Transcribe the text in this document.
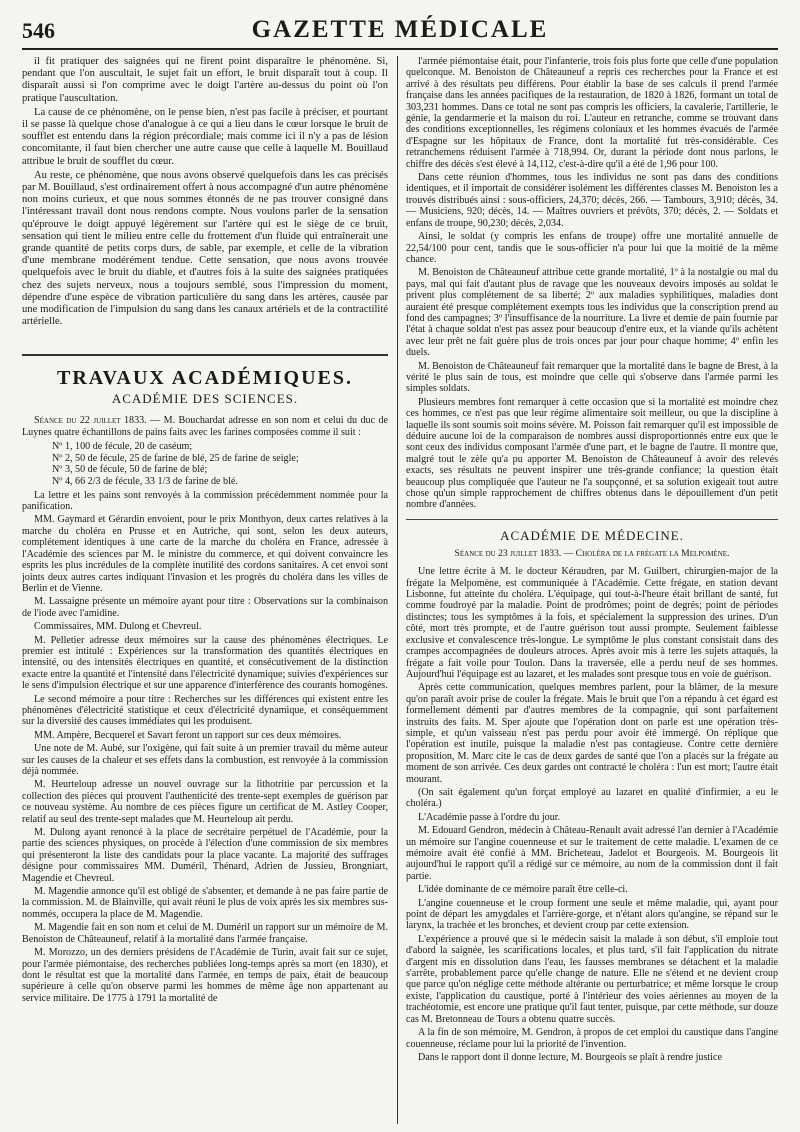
546	GAZETTE MÉDICALE

il fit pratiquer des saignées qui ne firent point disparaître le phénomène. Si, pendant que l'on auscultait, le sujet fait un effort, le bruit disparaît tout à coup. Il disparaît aussi si l'on comprime avec le doigt l'artère au-dessus du point où l'on pratique l'auscultation.

La cause de ce phénomène, on le pense bien, n'est pas facile à préciser, et pourtant il se passe là quelque chose d'analogue à ce qui a lieu dans le cœur lorsque le bruit de soufflet est entendu dans la région précordiale; mais comme ici il n'y a pas de lésion concomitante, il faut bien chercher une autre cause que celle à laquelle M. Bouillaud attribue le bruit de soufflet du cœur.

Au reste, ce phénomène, que nous avons observé quelquefois dans les cas précisés par M. Bouillaud, s'est ordinairement offert à nous accompagné d'un autre phénomène non moins curieux, et que nous sommes étonnés de ne pas trouver consigné dans l'intéressant travail dont nous rendons compte. Nous voulons parler de la sensation qu'éprouve le doigt appuyé légèrement sur l'artère qui est le siège de ce bruit, sensation qui tient le milieu entre celle du frottement d'un fluide qui entraînerait une grande quantité de petits corps durs, de sable, par exemple, et celle de la vibration d'une membrane modérément tendue. Cette sensation, que nous avons trouvée quelquefois avec le bruit du diable, et d'autres fois à la suite des saignées pratiquées chez des sujets nerveux, nous a toujours semblé, sous l'impression du moment, dépendre d'une espèce de vibration particulière du sang dans les artères, causée par une modification de l'impulsion du sang dans les canaux artériels et de la contractilité artérielle.

TRAVAUX ACADÉMIQUES.
ACADÉMIE DES SCIENCES.

Séance du 22 juillet 1833. — M. Bouchardat adresse en son nom et celui du duc de Luynes quatre échantillons de pains faits avec les farines composées comme il suit :

Nº 1, 100 de fécule, 20 de caséum;
Nº 2, 50 de fécule, 25 de farine de blé, 25 de farine de seigle;
Nº 3, 50 de fécule, 50 de farine de blé;
Nº 4, 66 2/3 de fécule, 33 1/3 de farine de blé.

La lettre et les pains sont renvoyés à la commission précédemment nommée pour la panification.

MM. Gaymard et Gérardin envoient, pour le prix Monthyon, deux cartes relatives à la marche du choléra en Prusse et en Autriche, qui sont, selon les deux auteurs, complétement identiques à une carte de la marche du choléra en France, adressée à l'Académie des sciences par M. le ministre du commerce, et qui doivent convaincre les esprits les plus incrédules de la complète inutilité des cordons sanitaires. A cet envoi sont joints deux autres cartes indiquant l'invasion et les progrès du choléra dans les villes de Berlin et de Vienne.

M. Lassaigne présente un mémoire ayant pour titre : Observations sur la combinaison de l'iode avec l'amidine.

Commissaires, MM. Dulong et Chevreul.

M. Pelletier adresse deux mémoires sur la cause des phénomènes électriques. Le premier est intitulé : Expériences sur la transformation des quantités électriques en intensité, ou des intensités électriques en quantité, et consécutivement de la distinction exacte entre la quantité et l'intensité dans l'électricité dynamique; suivies d'expériences sur le sens d'impulsion électrique et sur une apparence d'interférence des courants homogènes.

Le second mémoire a pour titre : Recherches sur les différences qui existent entre les phénomènes d'électricité statistique et ceux d'électricité dynamique, et conséquemment sur la diversité des causes immédiates qui les produisent.

MM. Ampère, Becquerel et Savart feront un rapport sur ces deux mémoires.

Une note de M. Aubé, sur l'oxigène, qui fait suite à un premier travail du même auteur sur les causes de la chaleur et ses effets dans la combustion, est renvoyée à la commission déjà nommée.

M. Heurteloup adresse un nouvel ouvrage sur la lithotritie par percussion et la collection des pièces qui prouvent l'authenticité des trente-sept exemples de guérison par ce nouveau système. Au nombre de ces pièces figure un certificat de M. Astley Cooper, relatif au seul des trente-sept malades que M. Heurteloup ait perdu.

M. Dulong ayant renoncé à la place de secrétaire perpétuel de l'Académie, pour la partie des sciences physiques, on procède à l'élection d'une commission de six membres qui présenteront la liste des candidats pour la place vacante. La majorité des suffrages désigne pour commissaires MM. Duméril, Thénard, Adrien de Jussieu, Brongniart, Magendie et Chevreul.

M. Magendie annonce qu'il est obligé de s'absenter, et demande à ne pas faire partie de la commission. M. de Blainville, qui avait réuni le plus de voix après les six membres sus-nommés, occupera la place de M. Magendie.

M. Magendie fait en son nom et celui de M. Duméril un rapport sur un mémoire de M. Benoiston de Châteauneuf, relatif à la mortalité dans l'armée française.

M. Morozzo, un des derniers présidens de l'Académie de Turin, avait fait sur ce sujet, pour l'armée piémontaise, des recherches publiées long-temps après sa mort (en 1830), et dont le résultat est que la mortalité dans l'armée, en temps de paix, était de beaucoup supérieure à celle qu'on observe parmi les hommes de même âge non appartenant au service militaire. De 1775 à 1791 la mortalité de

l'armée piémontaise était, pour l'infanterie, trois fois plus forte que celle d'une population quelconque. M. Benoiston de Châteauneuf a repris ces recherches pour la France et est arrivé à des résultats peu différens. Pour établir la base de ses calculs il prend l'armée française dans les années pacifiques de la restauration, de 1820 à 1826, formant un total de 303,231 hommes. Dans ce total ne sont pas compris les officiers, la cavalerie, l'artillerie, le génie, la gendarmerie et la maison du roi. L'auteur en retranche, comme se trouvant dans des conditions exceptionnelles, les régimens coloniaux et les hommes évacués de l'armée d'Espagne sur les hôpitaux de France, dont la mortalité fut très-considérable. Ces retranchemens réduisent l'armée à 718,994. Or, durant la période dont nous parlons, le chiffre des décès s'est élevé à 14,112, c'est-à-dire qu'il a été de 1,96 pour 100.

Dans cette réunion d'hommes, tous les individus ne sont pas dans des conditions identiques, et il importait de considérer isolément les différentes classes M. Benoiston les a trouvés distribués ainsi : sous-officiers, 24,370; décès, 266. — Tambours, 3,910; décès, 34. — Musiciens, 920; décès, 14. — Maîtres ouvriers et prévôts, 370; décès, 2. — Soldats et enfans de troupe, 90,230; décès, 2,034.

Ainsi, le soldat (y compris les enfans de troupe) offre une mortalité annuelle de 22,54/100 pour cent, tandis que le sous-officier n'a pour lui que la moitié de la même chance.

M. Benoiston de Châteauneuf attribue cette grande mortalité, 1º à la nostalgie ou mal du pays, mal qui fait d'autant plus de ravage que les nouveaux devoirs imposés au soldat le privent plus complétement de sa liberté; 2º aux maladies syphilitiques, maladies dont auraient été presque complétement exempts tous les individus que la conscription prend au fond des campagnes; 3º l'insuffisance de la nourriture. La livre et demie de pain fournie par l'état à chaque soldat n'est pas assez pour beaucoup d'entre eux, et la viande qu'ils achètent avec leur prêt ne fait guère plus de trois onces par jour pour chaque homme; 4º enfin les duels.

M. Benoiston de Châteauneuf fait remarquer que la mortalité dans le bagne de Brest, à la vérité le plus sain de tous, est moindre que celle qui s'observe dans l'armée parmi les simples soldats.

Plusieurs membres font remarquer à cette occasion que si la mortalité est moindre chez ces hommes, ce n'est pas que leur régime alimentaire soit meilleur, ou que la discipline à laquelle ils sont soumis soit moins sévère. M. Poisson fait remarquer qu'il est impossible de déduire aucune loi de la comparaison de nombres aussi disproportionnés entre eux que le sont ceux des individus composant l'armée d'une part, et le bagne de l'autre. Il montre que, malgré tout le zèle qu'a pu apporter M. Benoiston de Châteauneuf à avoir des relevés exacts, ses résultats ne peuvent inspirer une très-grande confiance; la question était beaucoup plus compliquée que l'auteur ne l'a soupçonné, et sa solution exigeait tout autre chose qu'un simple rapprochement de chiffres obtenus dans le dépouillement d'un petit nombre d'années.

ACADÉMIE DE MÉDECINE.
Séance du 23 juillet 1833. — Choléra de la frégate la Melpomène.

Une lettre écrite à M. le docteur Kéraudren, par M. Guilbert, chirurgien-major de la frégate la Melpomène, est communiquée à l'Académie. Cette frégate, en station devant Lisbonne, fut atteinte du choléra. L'équipage, qui tout-à-l'heure était brillant de santé, fut comme foudroyé par la maladie. Point de prodrômes; point de degrés; point de périodes distinctes; tous les symptômes à la fois, et spécialement la suppression des urines. D'un côté, mort très prompte, et de l'autre guérison tout aussi prompte. Seulement faiblesse exclusive et convalescence très-longue. Le symptôme le plus constant consistait dans des crampes accompagnées de douleurs atroces. Après avoir mis à terre les sujets attaqués, la frégate a fait voile pour Toulon. Dans la traversée, elle a perdu neuf de ses hommes. Aujourd'hui l'équipage est au lazaret, et les malades sont presque tous en voie de guérison.

Après cette communication, quelques membres parlent, pour la blâmer, de la mesure qu'on paraît avoir prise de couler la frégate. Mais le bruit que l'on a répandu à cet égard est formellement démenti par d'autres membres de la compagnie, qui sont parfaitement instruits des faits. M. Sper ajoute que l'opération dont on parle est une opération très-simple, et qu'un vaisseau n'est pas perdu pour avoir été immergé. On réplique que l'opération est inutile, puisque la maladie n'est pas contagieuse. Contre cette dernière proposition, M. Marc cite le cas de deux gardes de santé que l'on a placés sur la frégate au moment de son arrivée. Ces deux gardes ont contracté le choléra : l'un est mort; l'autre était mourant.

(On sait également qu'un forçat employé au lazaret en qualité d'infirmier, a eu le choléra.)

L'Académie passe à l'ordre du jour.

M. Edouard Gendron, médecin à Château-Renault avait adressé l'an dernier à l'Académie un mémoire sur l'angine couenneuse et sur le traitement de cette maladie. L'examen de ce mémoire avait été confié à MM. Bricheteau, Jadelot et Bourgeois. M. Bourgeois lit aujourd'hui le rapport qu'il a rédigé sur ce mémoire, au nom de la commission dont il fait partie.

L'idée dominante de ce mémoire paraît être celle-ci.

L'angine couenneuse et le croup forment une seule et même maladie, qui, ayant pour point de départ les amygdales et l'arrière-gorge, et n'étant alors qu'angine, se répand sur le larynx, la trachée et les bronches, et devient croup par cette extension.

L'expérience a prouvé que si le médecin saisit la malade à son début, s'il emploie tout d'abord la saignée, les scarifications locales, et plus tard, s'il fait l'application du nitrate d'argent mis en dissolution dans l'eau, les fausses membranes se détachent et la maladie s'arrête, probablement parce qu'elle change de nature. Elle ne s'étend et ne devient croup que parce qu'on néglige cette méthode altérante ou perturbatrice; et même lorsque le croup existe, l'application du caustique, porté à l'intérieur des voies aériennes au moyen de la trachéotomie, est encore une pratique qu'il faut tenter, puisque, par cette méthode, sur douze cas M. Bretonneau de Tours a obtenu quatre succès.

A la fin de son mémoire, M. Gendron, à propos de cet emploi du caustique dans l'angine couenneuse, réclame pour lui la priorité de l'invention.

Dans le rapport dont il donne lecture, M. Bourgeois se plaît à rendre justice
